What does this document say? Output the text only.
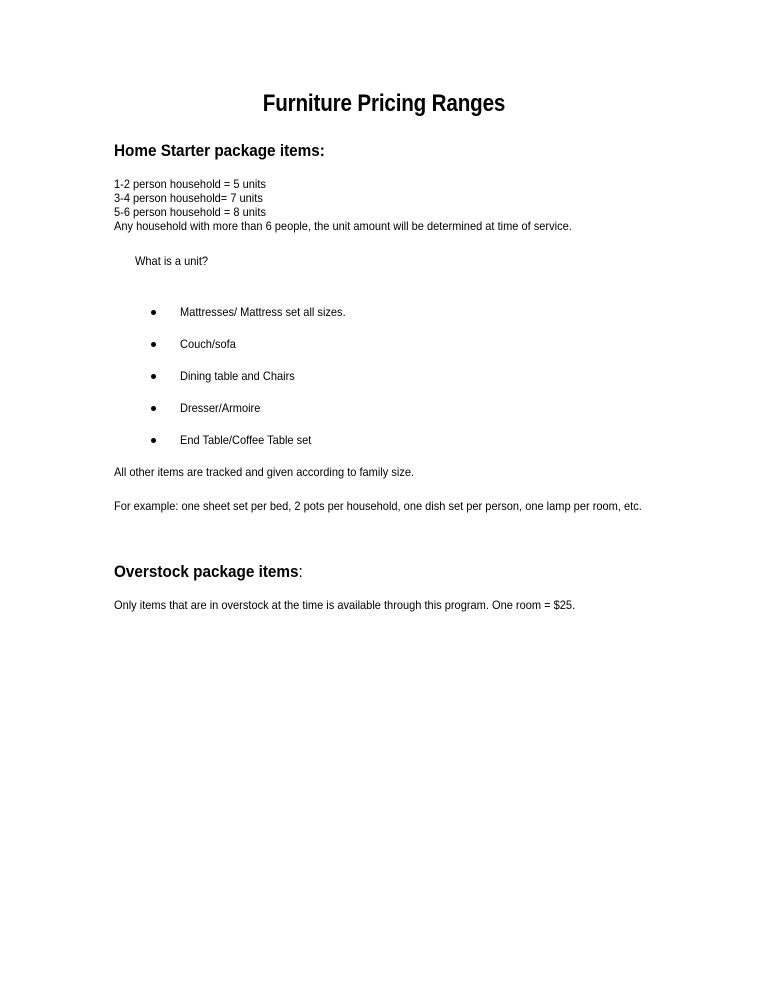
Furniture Pricing Ranges
Home Starter package items:
1-2 person household = 5 units
3-4 person household= 7 units
5-6 person household = 8 units
Any household with more than 6 people, the unit amount will be determined at time of service.
What is a unit?
Mattresses/ Mattress set all sizes.
Couch/sofa
Dining table and Chairs
Dresser/Armoire
End Table/Coffee Table set
All other items are tracked and given according to family size.
For example: one sheet set per bed, 2 pots per household, one dish set per person, one lamp per room, etc.
Overstock package items:
Only items that are in overstock at the time is available through this program. One room = $25.
